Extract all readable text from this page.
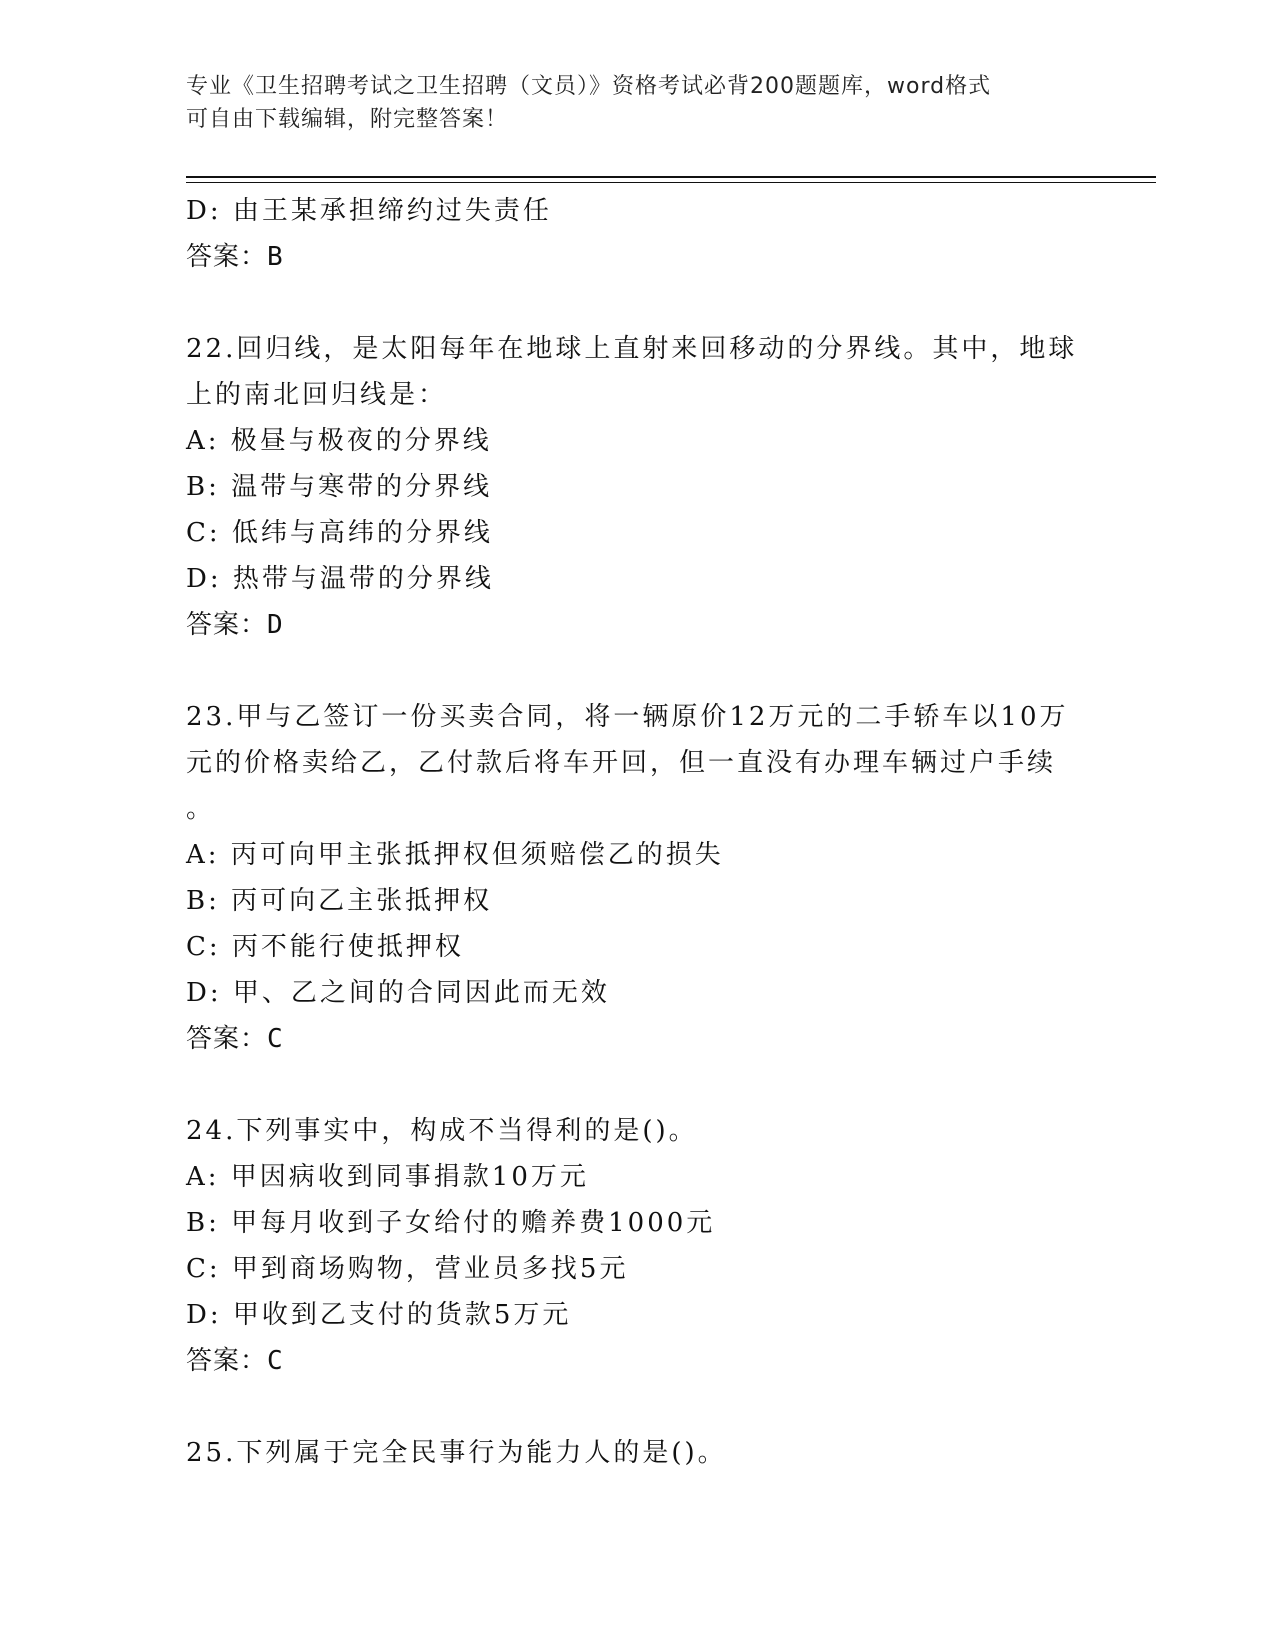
专业《卫生招聘考试之卫生招聘（文员）》资格考试必背200题题库，word格式
可自由下载编辑，附完整答案！
D: 由王某承担缔约过失责任
答案：B
22.回归线，是太阳每年在地球上直射来回移动的分界线。其中，地球
上的南北回归线是：
A: 极昼与极夜的分界线
B: 温带与寒带的分界线
C: 低纬与高纬的分界线
D: 热带与温带的分界线
答案：D
23.甲与乙签订一份买卖合同，将一辆原价12万元的二手轿车以10万
元的价格卖给乙，乙付款后将车开回，但一直没有办理车辆过户手续
。
A: 丙可向甲主张抵押权但须赔偿乙的损失
B: 丙可向乙主张抵押权
C: 丙不能行使抵押权
D: 甲、乙之间的合同因此而无效
答案：C
24.下列事实中，构成不当得利的是()。
A: 甲因病收到同事捐款10万元
B: 甲每月收到子女给付的赡养费1000元
C: 甲到商场购物，营业员多找5元
D: 甲收到乙支付的货款5万元
答案：C
25.下列属于完全民事行为能力人的是()。
